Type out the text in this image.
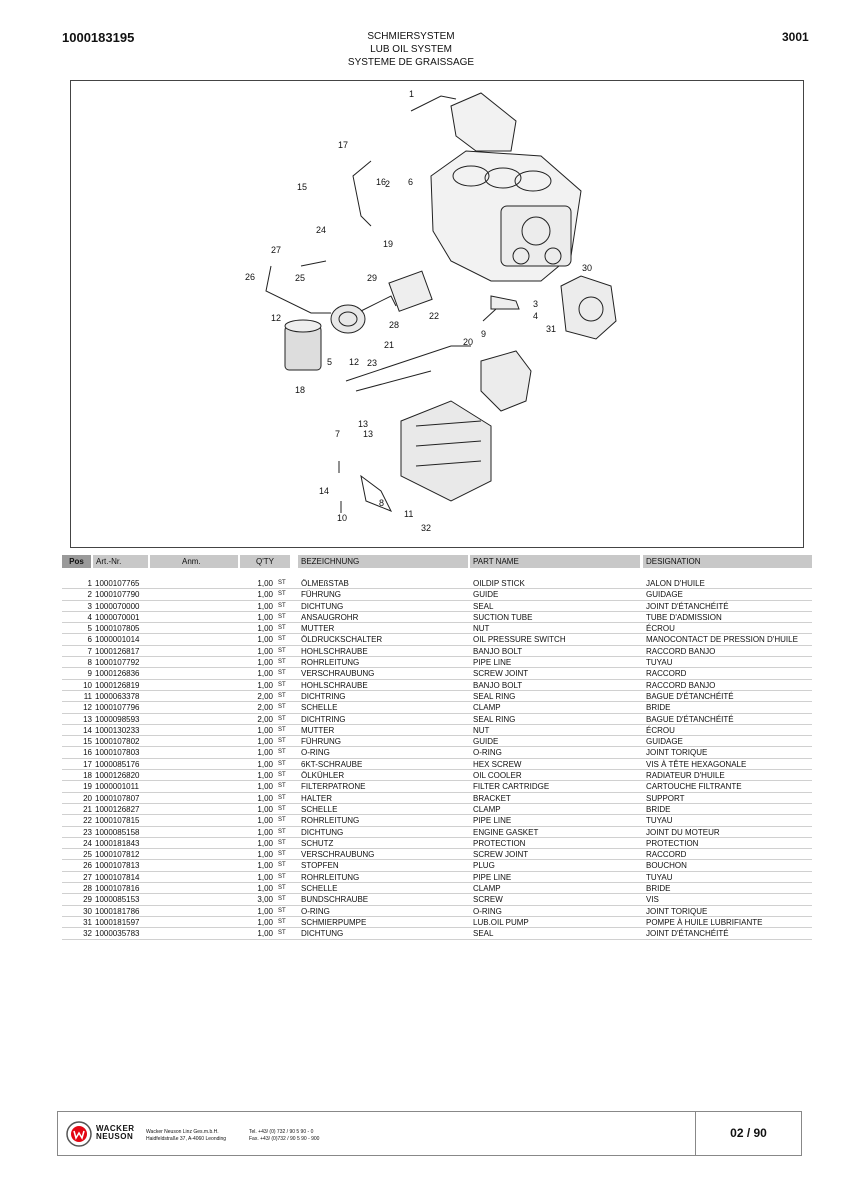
1000183195	SCHMIERSYSTEM
LUB OIL SYSTEM
SYSTEME DE GRAISSAGE
3001
1
2
3
4
5
6
7
8
9
10	11
12
12
13
13
14
15	16
17
18
19
20
21
22
23
24
25
26
27
28
29
30
31
32
Pos	Art.-Nr.	Anm.	Q'TY	BEZEICHNUNG	PART NAME	DESIGNATION
1 1000107765	1,00 ST ÖLMEßSTAB	OILDIP STICK	JALON D'HUILE
2 1000107790	1,00 ST FÜHRUNG	GUIDE	GUIDAGE
3 1000070000	1,00 ST DICHTUNG	SEAL	JOINT D'ÉTANCHÉITÉ
4 1000070001	1,00 ST ANSAUGROHR	SUCTION TUBE	TUBE D'ADMISSION
5 1000107805	1,00 ST MUTTER	NUT	ÉCROU
6 1000001014	1,00 ST ÖLDRUCKSCHALTER	OIL PRESSURE SWITCH	MANOCONTACT DE PRESSION D'HUILE
7 1000126817	1,00 ST HOHLSCHRAUBE	BANJO BOLT	RACCORD BANJO
8 1000107792	1,00 ST ROHRLEITUNG	PIPE LINE	TUYAU
9 1000126836	1,00 ST VERSCHRAUBUNG	SCREW JOINT	RACCORD
10 1000126819	1,00 ST HOHLSCHRAUBE	BANJO BOLT	RACCORD BANJO
11 1000063378	2,00 ST DICHTRING	SEAL RING	BAGUE D'ÉTANCHÉITÉ
12 1000107796	2,00 ST SCHELLE	CLAMP	BRIDE
13 1000098593	2,00 ST DICHTRING	SEAL RING	BAGUE D'ÉTANCHÉITÉ
14 1000130233	1,00 ST MUTTER	NUT	ÉCROU
15 1000107802	1,00 ST FÜHRUNG	GUIDE	GUIDAGE
16 1000107803	1,00 ST O-RING	O-RING	JOINT TORIQUE
17 1000085176	1,00 ST 6KT-SCHRAUBE	HEX SCREW	VIS À TÊTE HEXAGONALE
18 1000126820	1,00 ST ÖLKÜHLER	OIL COOLER	RADIATEUR D'HUILE
19 1000001011	1,00 ST FILTERPATRONE	FILTER CARTRIDGE	CARTOUCHE FILTRANTE
20 1000107807	1,00 ST HALTER	BRACKET	SUPPORT
21 1000126827	1,00 ST SCHELLE	CLAMP	BRIDE
22 1000107815	1,00 ST ROHRLEITUNG	PIPE LINE	TUYAU
23 1000085158	1,00 ST DICHTUNG	ENGINE GASKET	JOINT DU MOTEUR
24 1000181843	1,00 ST SCHUTZ	PROTECTION	PROTECTION
25 1000107812	1,00 ST VERSCHRAUBUNG	SCREW JOINT	RACCORD
26 1000107813	1,00 ST STOPFEN	PLUG	BOUCHON
27 1000107814	1,00 ST ROHRLEITUNG	PIPE LINE	TUYAU
28 1000107816	1,00 ST SCHELLE	CLAMP	BRIDE
29 1000085153	3,00 ST BUNDSCHRAUBE	SCREW	VIS
30 1000181786	1,00 ST O-RING	O-RING	JOINT TORIQUE
31 1000181597	1,00 ST SCHMIERPUMPE	LUB.OIL PUMP	POMPE À HUILE LUBRIFIANTE
32 1000035783	1,00 ST DICHTUNG	SEAL	JOINT D'ÉTANCHÉITÉ
WACKER
NEUSON	Wacker Neuson Linz Ges.m.b.H.
Haidfeldstraße 37, A-4060 Leonding
Tel. +43/ (0) 732 / 90 5 90 - 0
Fax. +43/ (0)732 / 90 5 90 - 900	02 / 90
